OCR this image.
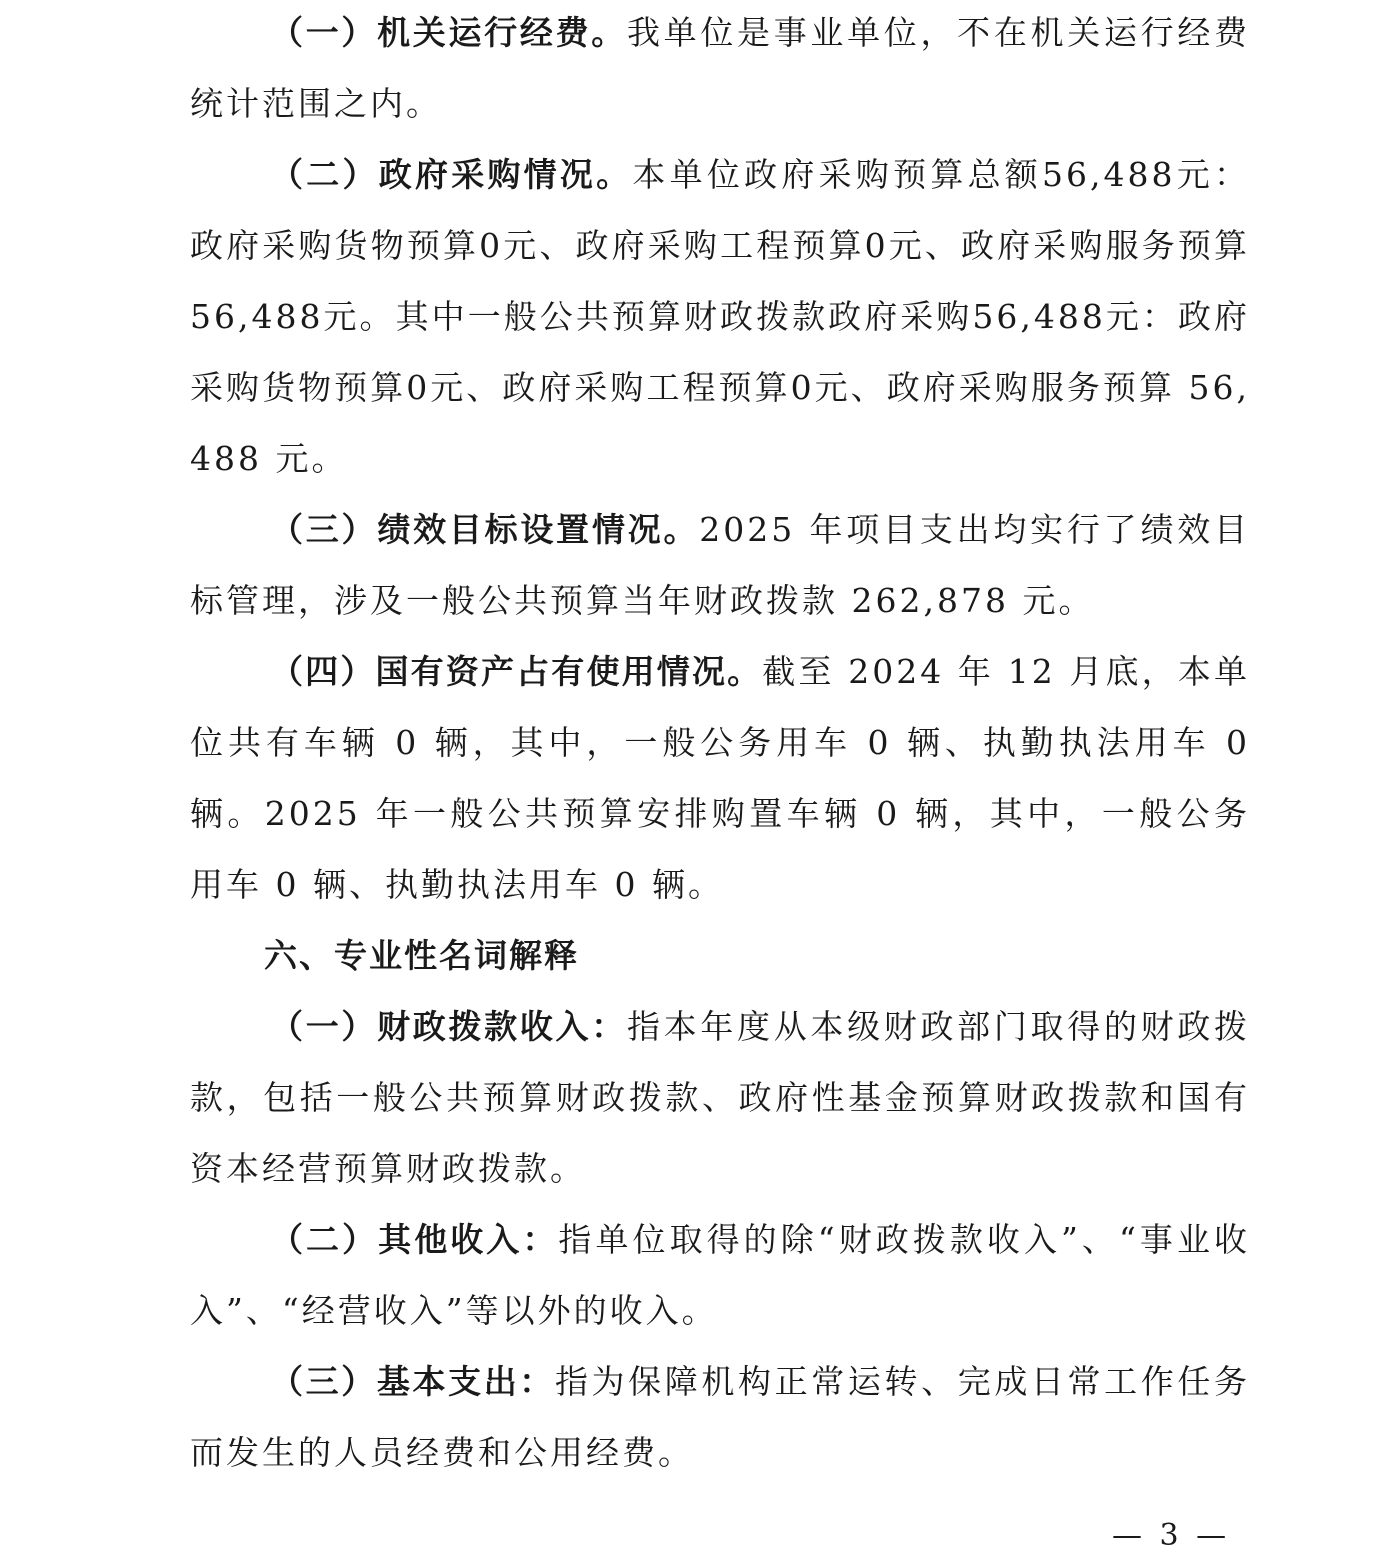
（一）机关运行经费。我单位是事业单位，不在机关运行经费统计范围之内。

（二）政府采购情况。本单位政府采购预算总额56,488元：政府采购货物预算0元、政府采购工程预算0元、政府采购服务预算56,488元。其中一般公共预算财政拨款政府采购56,488元：政府采购货物预算0元、政府采购工程预算0元、政府采购服务预算 56,488 元。

（三）绩效目标设置情况。2025 年项目支出均实行了绩效目标管理，涉及一般公共预算当年财政拨款 262,878 元。

（四）国有资产占有使用情况。截至 2024 年 12 月底，本单位共有车辆 0 辆，其中，一般公务用车 0 辆、执勤执法用车 0 辆。2025 年一般公共预算安排购置车辆 0 辆，其中，一般公务用车 0 辆、执勤执法用车 0 辆。

六、专业性名词解释

（一）财政拨款收入：指本年度从本级财政部门取得的财政拨款，包括一般公共预算财政拨款、政府性基金预算财政拨款和国有资本经营预算财政拨款。

（二）其他收入：指单位取得的除“财政拨款收入”、“事业收入”、“经营收入”等以外的收入。

（三）基本支出：指为保障机构正常运转、完成日常工作任务而发生的人员经费和公用经费。

— 3 —
